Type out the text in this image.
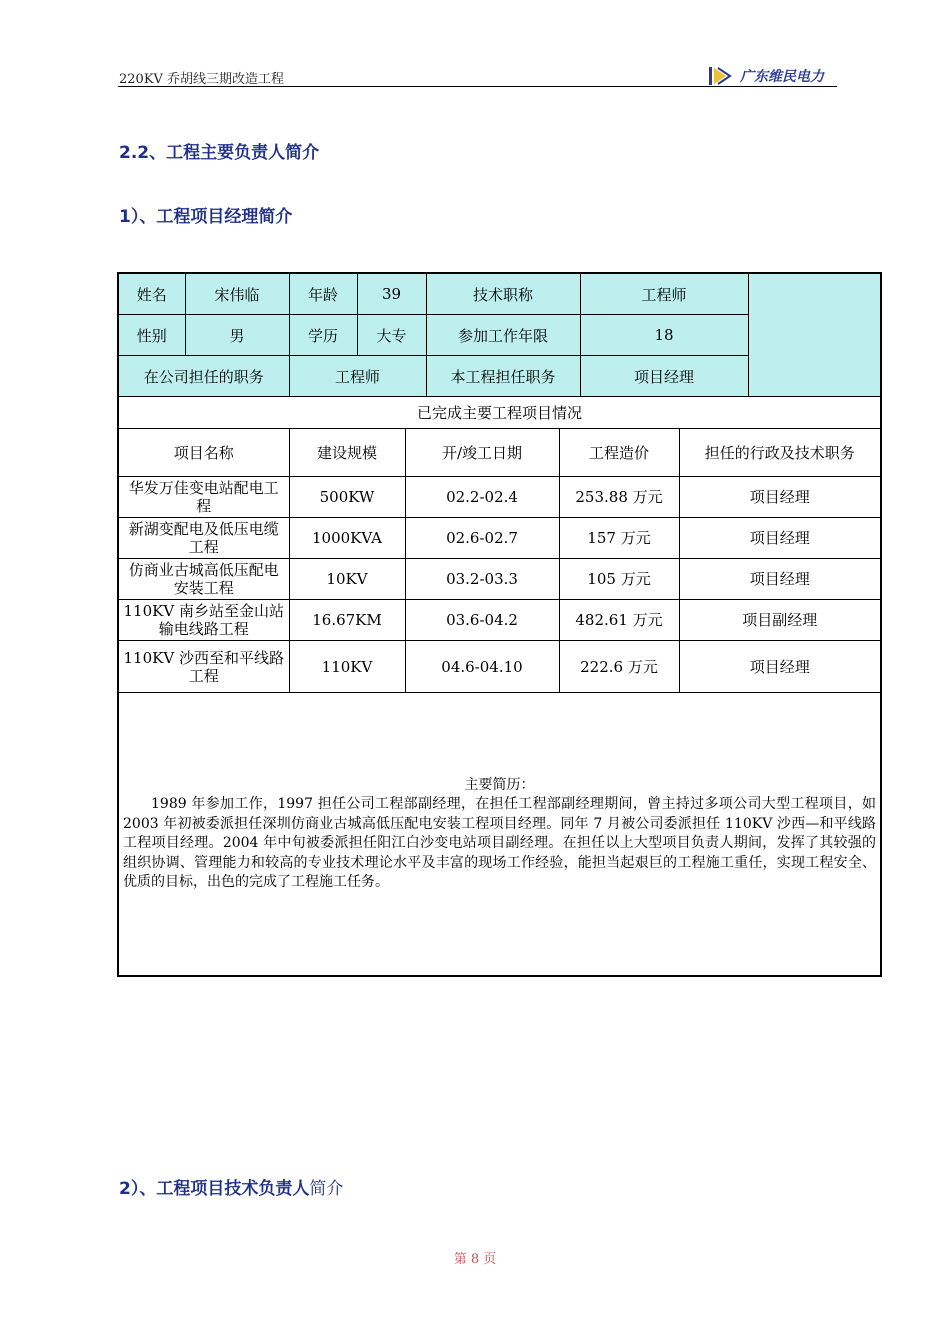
220KV 乔胡线三期改造工程	广东维民电力
2.2、工程主要负责人简介
1）、工程项目经理简介
姓名	宋伟临	年龄	39		技术职称		工程师		
性别	男	学历	大专		参加工作年限		18		
在公司担任的职务		工程师			本工程担任职务		项目经理		
已完成主要工程项目情况									
项目名称		建设规模		开/竣工日期		工程造价		担任的行政及技术职务	
华发万佳变电站配电工程		500KW		02.2-02.4		253.88 万元		项目经理	
新湖变配电及低压电缆工程		1000KVA		02.6-02.7		157 万元		项目经理	
仿商业古城高低压配电安装工程		10KV		03.2-03.3		105 万元		项目经理	
110KV 南乡站至金山站输电线路工程		16.67KM		03.6-04.2		482.61 万元		项目副经理	
110KV 沙西至和平线路工程		110KV		04.6-04.10		222.6 万元		项目经理	

主要简历：
1989 年参加工作，1997 担任公司工程部副经理，在担任工程部副经理期间，曾主持过多项公司大型工程项目，如 2003 年初被委派担任深圳仿商业古城高低压配电安装工程项目经理。同年 7 月被公司委派担任 110KV 沙西—和平线路工程项目经理。2004 年中旬被委派担任阳江白沙变电站项目副经理。在担任以上大型项目负责人期间，发挥了其较强的组织协调、管理能力和较高的专业技术理论水平及丰富的现场工作经验，能担当起艰巨的工程施工重任，实现工程安全、优质的目标，出色的完成了工程施工任务。									
2）、工程项目技术负责人简介
第 8 页
